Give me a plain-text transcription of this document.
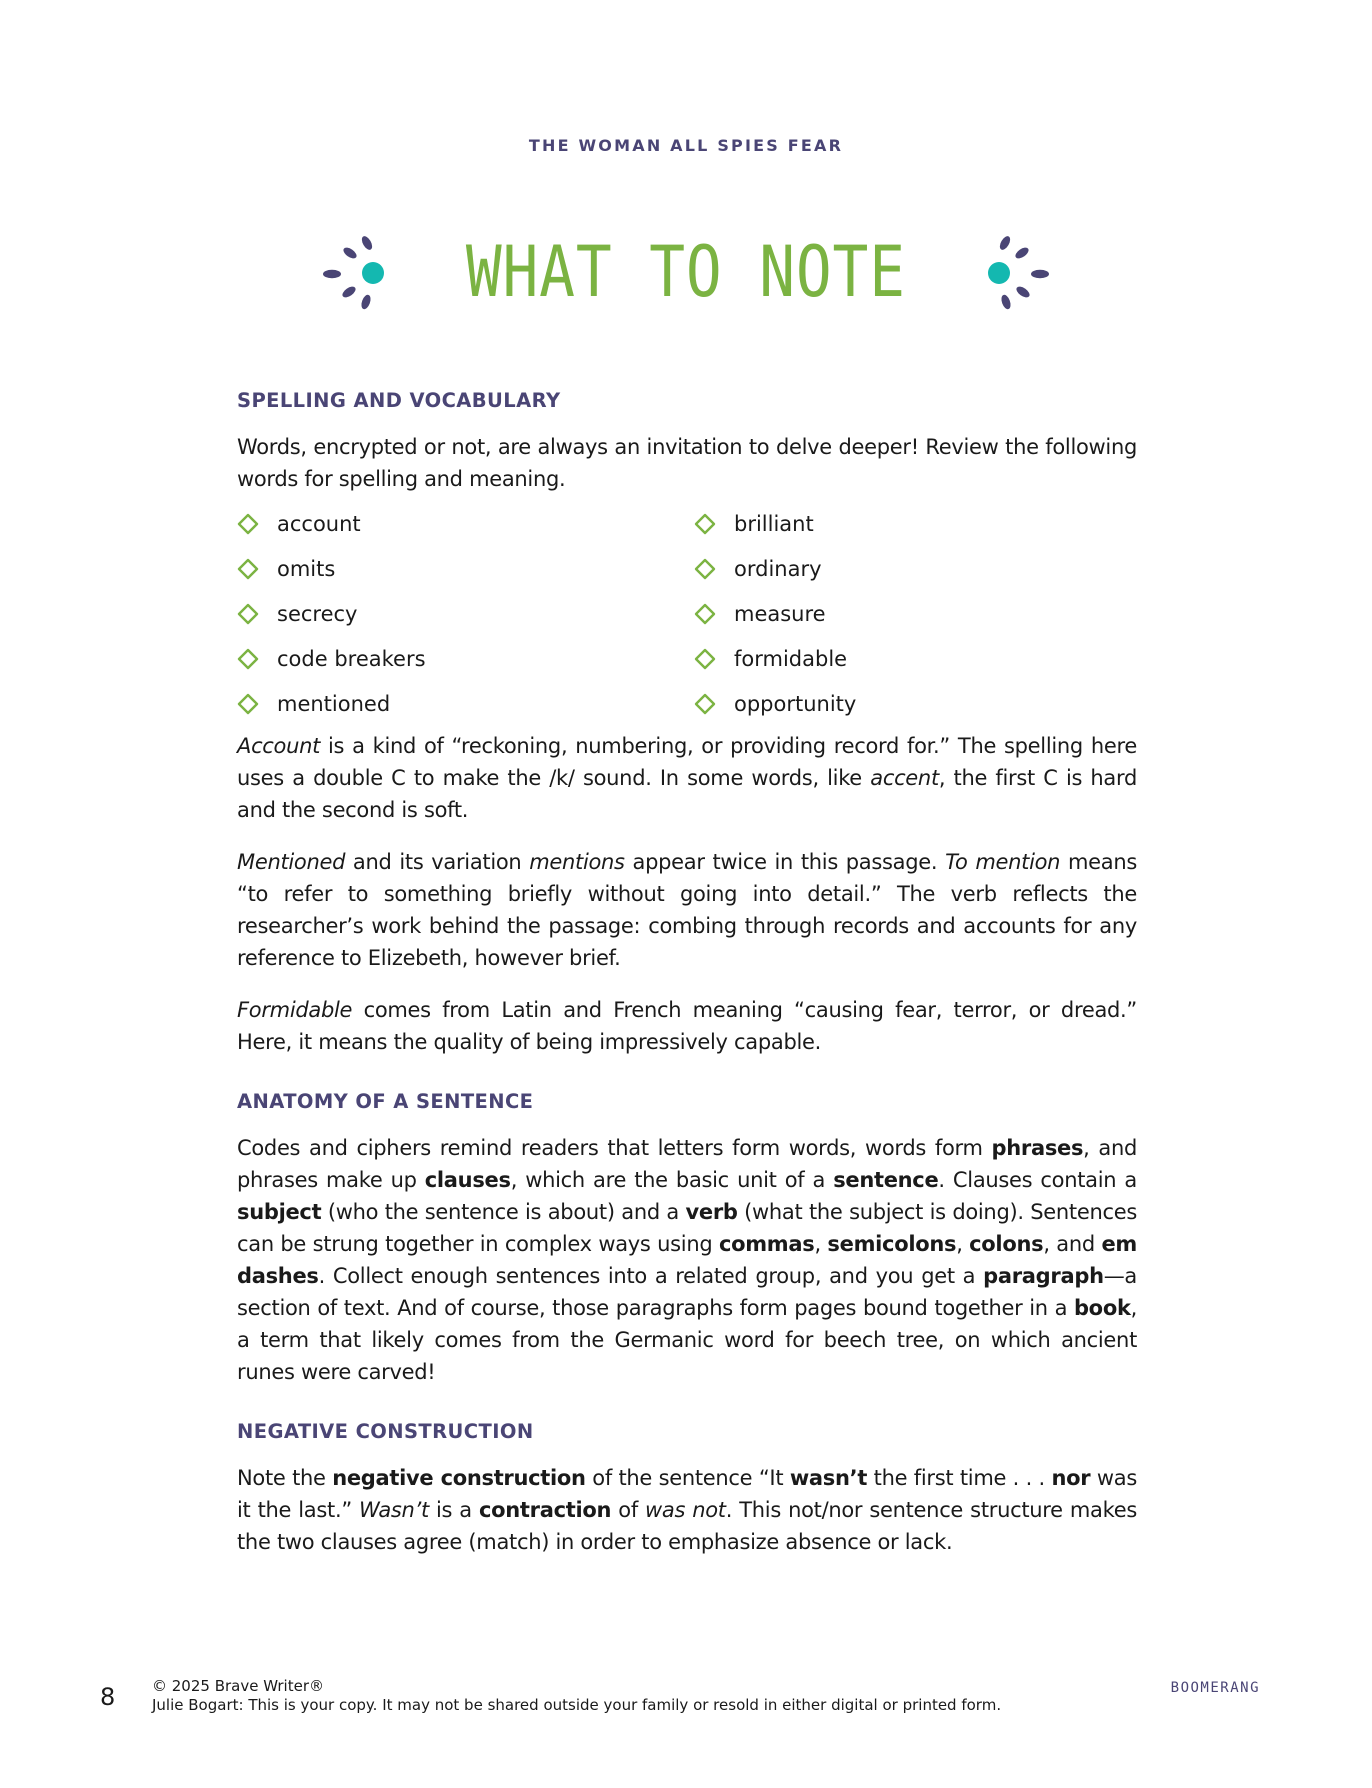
THE WOMAN ALL SPIES FEAR
WHAT TO NOTE
SPELLING AND VOCABULARY

Words, encrypted or not, are always an invitation to delve deeper! Review the following words for spelling and meaning.

account	brilliant
omits	ordinary
secrecy	measure
code breakers	formidable
mentioned	opportunity

Account is a kind of “reckoning, numbering, or providing record for.” The spelling here uses a double C to make the /k/ sound. In some words, like accent, the first C is hard and the second is soft.

Mentioned and its variation mentions appear twice in this passage. To mention means “to refer to something briefly without going into detail.” The verb reflects the researcher’s work behind the passage: combing through records and accounts for any reference to Elizebeth, however brief.

Formidable comes from Latin and French meaning “causing fear, terror, or dread.” Here, it means the quality of being impressively capable.

ANATOMY OF A SENTENCE

Codes and ciphers remind readers that letters form words, words form phrases, and phrases make up clauses, which are the basic unit of a sentence. Clauses contain a subject (who the sentence is about) and a verb (what the subject is doing). Sentences can be strung together in complex ways using commas, semicolons, colons, and em dashes. Collect enough sentences into a related group, and you get a paragraph—a section of text. And of course, those paragraphs form pages bound together in a book, a term that likely comes from the Germanic word for beech tree, on which ancient runes were carved!

NEGATIVE CONSTRUCTION

Note the negative construction of the sentence “It wasn’t the first time . . . nor was it the last.” Wasn’t is a contraction of was not. This not/nor sentence structure makes the two clauses agree (match) in order to emphasize absence or lack.

8 © 2025 Brave Writer®
Julie Bogart: This is your copy. It may not be shared outside your family or resold in either digital or printed form.
BOOMERANG
